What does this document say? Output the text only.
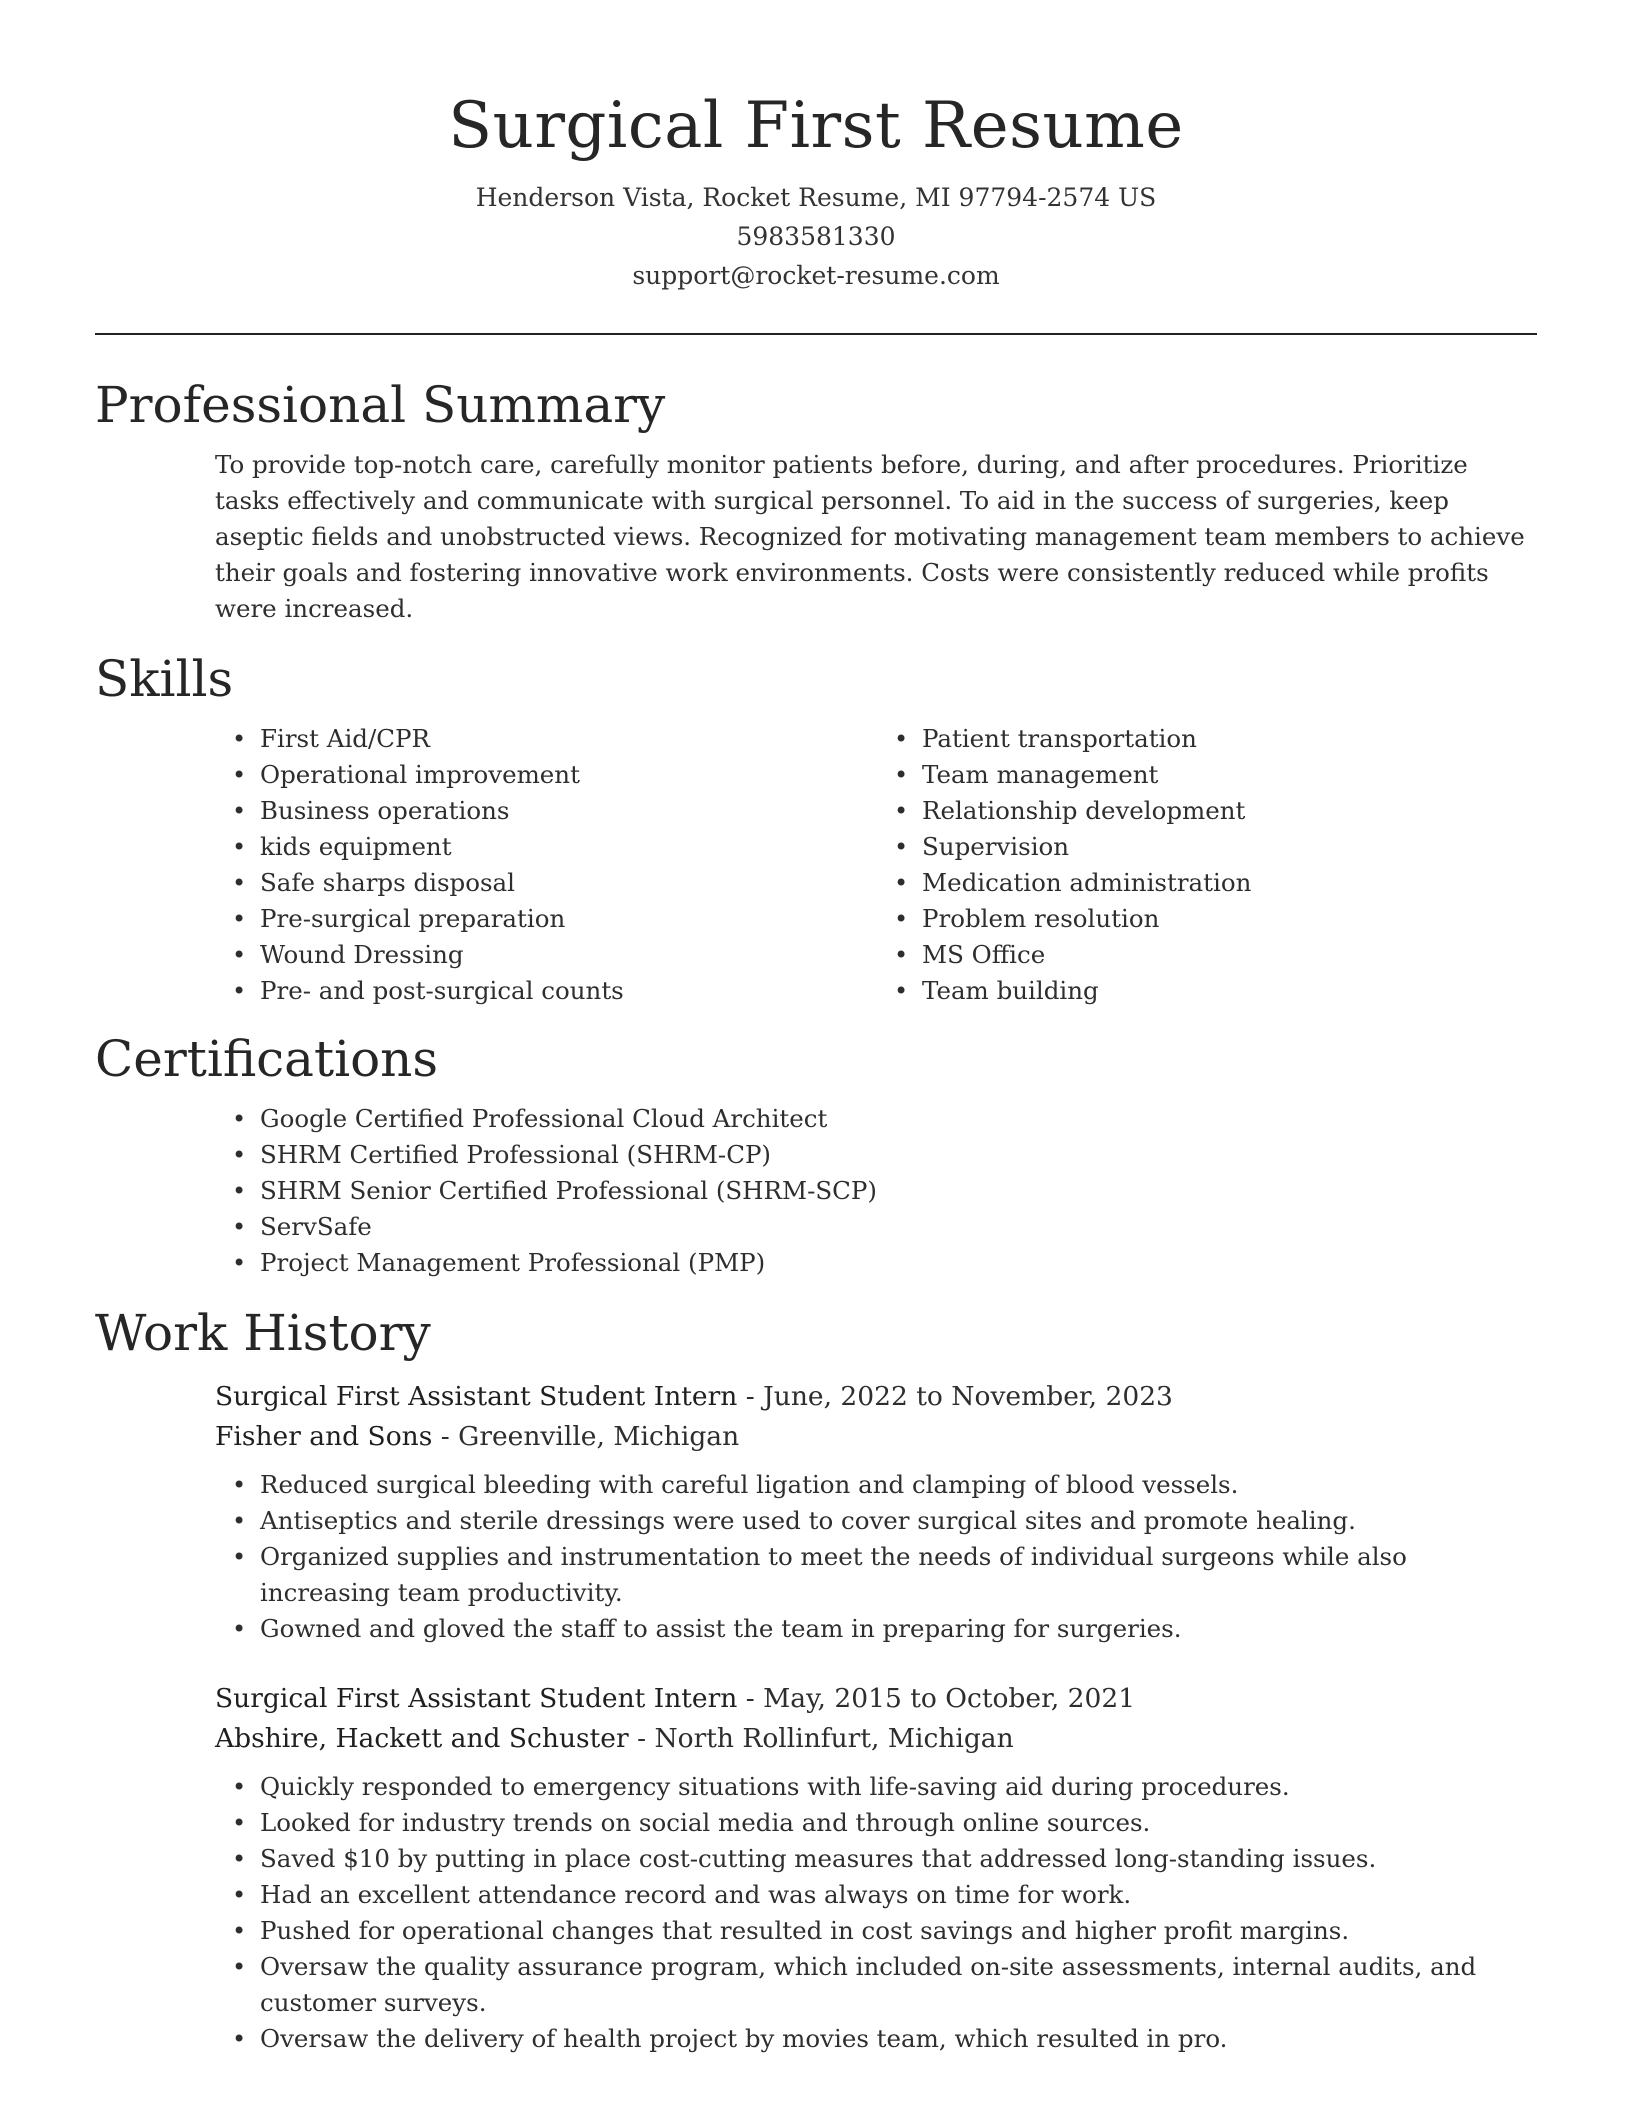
Surgical First Resume
Henderson Vista, Rocket Resume, MI 97794-2574 US
5983581330
support@rocket-resume.com
Professional Summary
To provide top-notch care, carefully monitor patients before, during, and after procedures. Prioritize tasks effectively and communicate with surgical personnel. To aid in the success of surgeries, keep aseptic fields and unobstructed views. Recognized for motivating management team members to achieve their goals and fostering innovative work environments. Costs were consistently reduced while profits were increased.
Skills
• First Aid/CPR
• Operational improvement
• Business operations
• kids equipment
• Safe sharps disposal
• Pre-surgical preparation
• Wound Dressing
• Pre- and post-surgical counts
• Patient transportation
• Team management
• Relationship development
• Supervision
• Medication administration
• Problem resolution
• MS Office
• Team building
Certifications
• Google Certified Professional Cloud Architect
• SHRM Certified Professional (SHRM-CP)
• SHRM Senior Certified Professional (SHRM-SCP)
• ServSafe
• Project Management Professional (PMP)
Work History
Surgical First Assistant Student Intern - June, 2022 to November, 2023
Fisher and Sons - Greenville, Michigan
• Reduced surgical bleeding with careful ligation and clamping of blood vessels.
• Antiseptics and sterile dressings were used to cover surgical sites and promote healing.
• Organized supplies and instrumentation to meet the needs of individual surgeons while also increasing team productivity.
• Gowned and gloved the staff to assist the team in preparing for surgeries.
Surgical First Assistant Student Intern - May, 2015 to October, 2021
Abshire, Hackett and Schuster - North Rollinfurt, Michigan
• Quickly responded to emergency situations with life-saving aid during procedures.
• Looked for industry trends on social media and through online sources.
• Saved $10 by putting in place cost-cutting measures that addressed long-standing issues.
• Had an excellent attendance record and was always on time for work.
• Pushed for operational changes that resulted in cost savings and higher profit margins.
• Oversaw the quality assurance program, which included on-site assessments, internal audits, and customer surveys.
• Oversaw the delivery of health project by movies team, which resulted in pro.
